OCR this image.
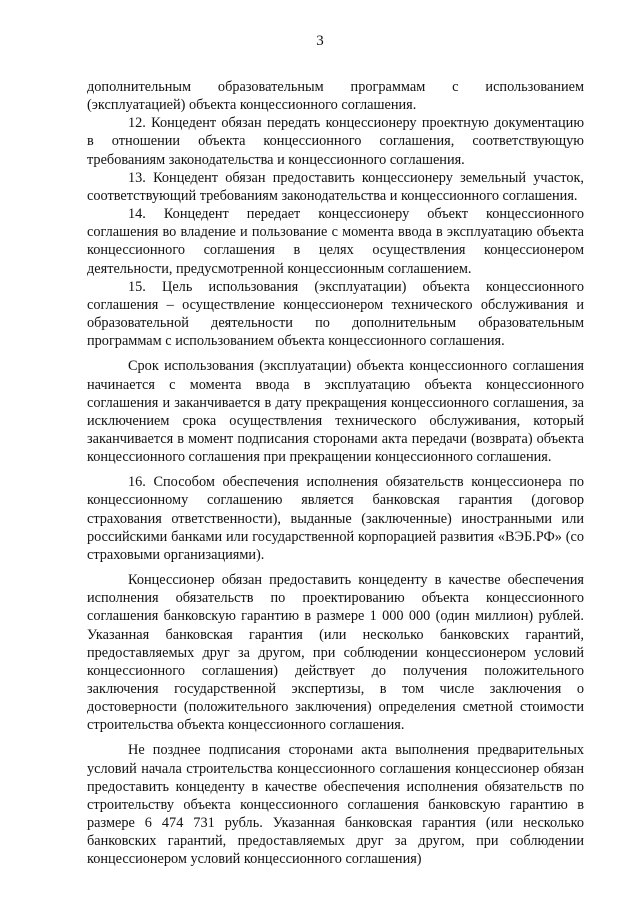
3

дополнительным образовательным программам с использованием (эксплуатацией) объекта концессионного соглашения.

12. Концедент обязан передать концессионеру проектную документацию в отношении объекта концессионного соглашения, соответствующую требованиям законодательства и концессионного соглашения.

13. Концедент обязан предоставить концессионеру земельный участок, соответствующий требованиям законодательства и концессионного соглашения.

14. Концедент передает концессионеру объект концессионного соглашения во владение и пользование с момента ввода в эксплуатацию объекта концессионного соглашения в целях осуществления концессионером деятельности, предусмотренной концессионным соглашением.

15. Цель использования (эксплуатации) объекта концессионного соглашения – осуществление концессионером технического обслуживания и образовательной деятельности по дополнительным образовательным программам с использованием объекта концессионного соглашения.

Срок использования (эксплуатации) объекта концессионного соглашения начинается с момента ввода в эксплуатацию объекта концессионного соглашения и заканчивается в дату прекращения концессионного соглашения, за исключением срока осуществления технического обслуживания, который заканчивается в момент подписания сторонами акта передачи (возврата) объекта концессионного соглашения при прекращении концессионного соглашения.

16. Способом обеспечения исполнения обязательств концессионера по концессионному соглашению является банковская гарантия (договор страхования ответственности), выданные (заключенные) иностранными или российскими банками или государственной корпорацией развития «ВЭБ.РФ» (со страховыми организациями).

Концессионер обязан предоставить концеденту в качестве обеспечения исполнения обязательств по проектированию объекта концессионного соглашения банковскую гарантию в размере 1 000 000 (один миллион) рублей. Указанная банковская гарантия (или несколько банковских гарантий, предоставляемых друг за другом, при соблюдении концессионером условий концессионного соглашения) действует до получения положительного заключения государственной экспертизы, в том числе заключения о достоверности (положительного заключения) определения сметной стоимости строительства объекта концессионного соглашения.

Не позднее подписания сторонами акта выполнения предварительных условий начала строительства концессионного соглашения концессионер обязан предоставить концеденту в качестве обеспечения исполнения обязательств по строительству объекта концессионного соглашения банковскую гарантию в размере 6 474 731 рубль. Указанная банковская гарантия (или несколько банковских гарантий, предоставляемых друг за другом, при соблюдении концессионером условий концессионного соглашения)
